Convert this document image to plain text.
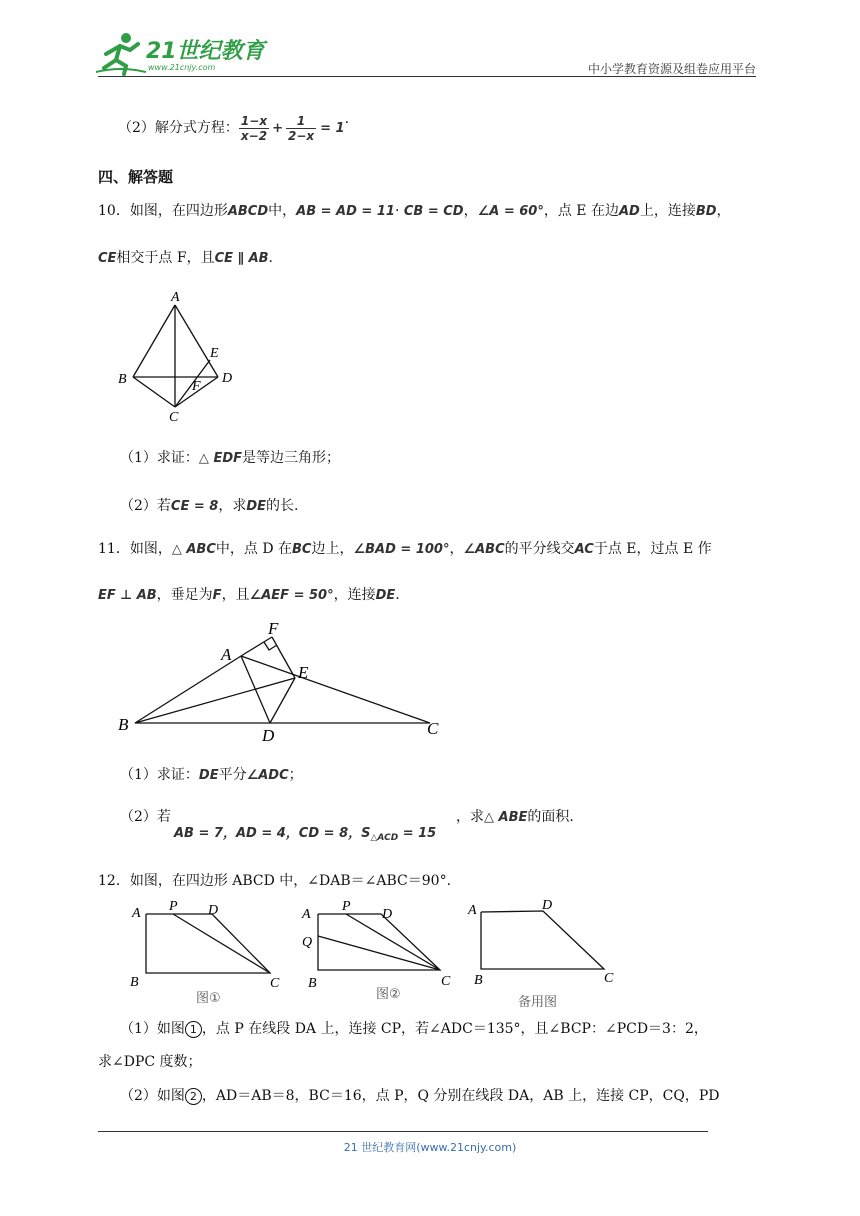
21世纪教育
www.21cnjy.com	中小学教育资源及组卷应用平台
（2）解分式方程： $\frac{1-x}{x-2} + \frac{1}{2-x} = 1$.
四、解答题
10．如图，在四边形ABCD中，AB = AD = 11· CB = CD，∠A = 60°，点 E 在边AD上，连接BD，
CE相交于点 F，且CE ∥ AB.
A
E
B	F
D
C
（1）求证：△ EDF是等边三角形；
（2）若CE = 8，求DE的长.
11．如图，△ ABC中，点 D 在BC边上，∠BAD = 100°，∠ABC的平分线交AC于点 E，过点 E 作
EF ⊥ AB，垂足为F，且∠AEF = 50°，连接DE.
F
A
E
B
D	C
（1）求证：DE平分∠ADC；
（2）若
AB = 7，AD = 4，CD = 8，$S_{\triangle ACD} = 15$
，求△ ABE的面积.
12．如图，在四边形 ABCD 中，∠DAB＝∠ABC＝90°.
A P D
B	C
图①
A
P
D
Q
B	C
图②
A	D
B	C
备用图
（1）如图 1 ，点 P 在线段 DA 上，连接 CP，若∠ADC＝135°，且∠BCP：∠PCD＝3：2，
求∠DPC 度数；
（2）如图 2 ，AD＝AB＝8，BC＝16，点 P，Q 分别在线段 DA，AB 上，连接 CP，CQ，PD
21 世纪教育网(www.21cnjy.com)
